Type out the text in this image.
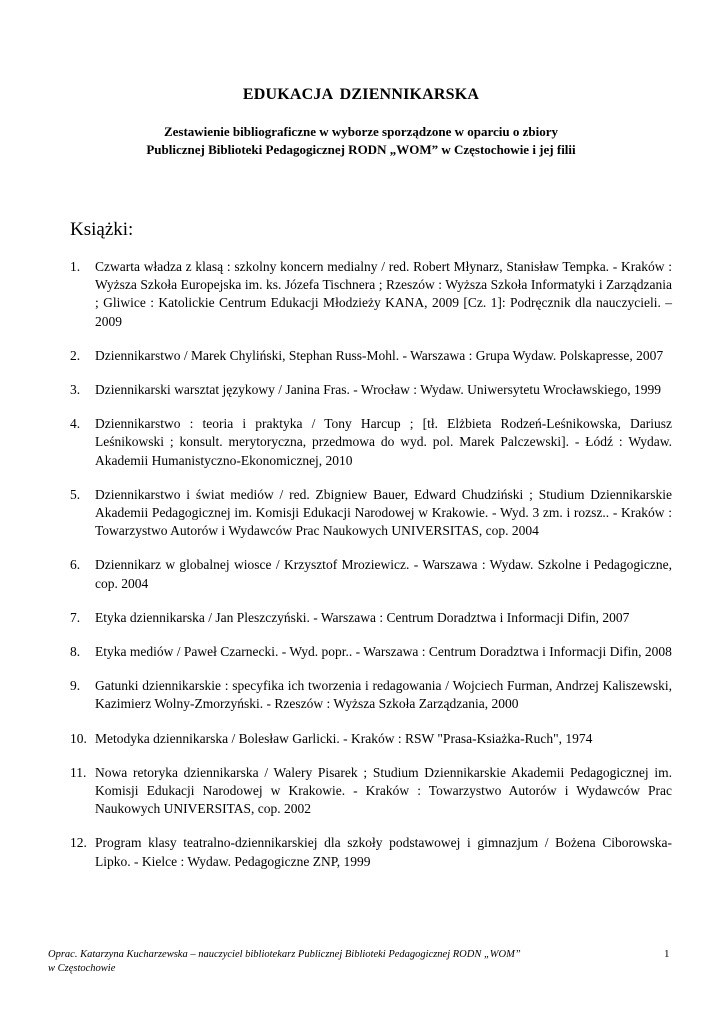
EDUKACJA DZIENNIKARSKA
Zestawienie bibliograficzne w wyborze sporządzone w oparciu o zbiory
Publicznej Biblioteki Pedagogicznej RODN „WOM” w Częstochowie i jej filii
Książki:
1. Czwarta władza z klasą : szkolny koncern medialny / red. Robert Młynarz, Stanisław Tempka. - Kraków : Wyższa Szkoła Europejska im. ks. Józefa Tischnera ; Rzeszów : Wyższa Szkoła Informatyki i Zarządzania ; Gliwice : Katolickie Centrum Edukacji Młodzieży KANA, 2009 [Cz. 1]: Podręcznik dla nauczycieli. – 2009
2. Dziennikarstwo / Marek Chyliński, Stephan Russ-Mohl. - Warszawa : Grupa Wydaw. Polskapresse, 2007
3. Dziennikarski warsztat językowy / Janina Fras. - Wrocław : Wydaw. Uniwersytetu Wrocławskiego, 1999
4. Dziennikarstwo : teoria i praktyka / Tony Harcup ; [tł. Elżbieta Rodzeń-Leśnikowska, Dariusz Leśnikowski ; konsult. merytoryczna, przedmowa do wyd. pol. Marek Palczewski]. - Łódź : Wydaw. Akademii Humanistyczno-Ekonomicznej, 2010
5. Dziennikarstwo i świat mediów / red. Zbigniew Bauer, Edward Chudziński ; Studium Dziennikarskie Akademii Pedagogicznej im. Komisji Edukacji Narodowej w Krakowie. - Wyd. 3 zm. i rozsz.. - Kraków : Towarzystwo Autorów i Wydawców Prac Naukowych UNIVERSITAS, cop. 2004
6. Dziennikarz w globalnej wiosce / Krzysztof Mroziewicz. - Warszawa : Wydaw. Szkolne i Pedagogiczne, cop. 2004
7. Etyka dziennikarska / Jan Pleszczyński. - Warszawa : Centrum Doradztwa i Informacji Difin, 2007
8. Etyka mediów / Paweł Czarnecki. - Wyd. popr.. - Warszawa : Centrum Doradztwa i Informacji Difin, 2008
9. Gatunki dziennikarskie : specyfika ich tworzenia i redagowania / Wojciech Furman, Andrzej Kaliszewski, Kazimierz Wolny-Zmorzyński. - Rzeszów : Wyższa Szkoła Zarządzania, 2000
10. Metodyka dziennikarska / Bolesław Garlicki. - Kraków : RSW "Prasa-Ksiażka-Ruch", 1974
11. Nowa retoryka dziennikarska / Walery Pisarek ; Studium Dziennikarskie Akademii Pedagogicznej im. Komisji Edukacji Narodowej w Krakowie. - Kraków : Towarzystwo Autorów i Wydawców Prac Naukowych UNIVERSITAS, cop. 2002
12. Program klasy teatralno-dziennikarskiej dla szkoły podstawowej i gimnazjum / Bożena Ciborowska-Lipko. - Kielce : Wydaw. Pedagogiczne ZNP, 1999
Oprac. Katarzyna Kucharzewska – nauczyciel bibliotekarz Publicznej Biblioteki Pedagogicznej RODN „WOM”
w Częstochowie
1
